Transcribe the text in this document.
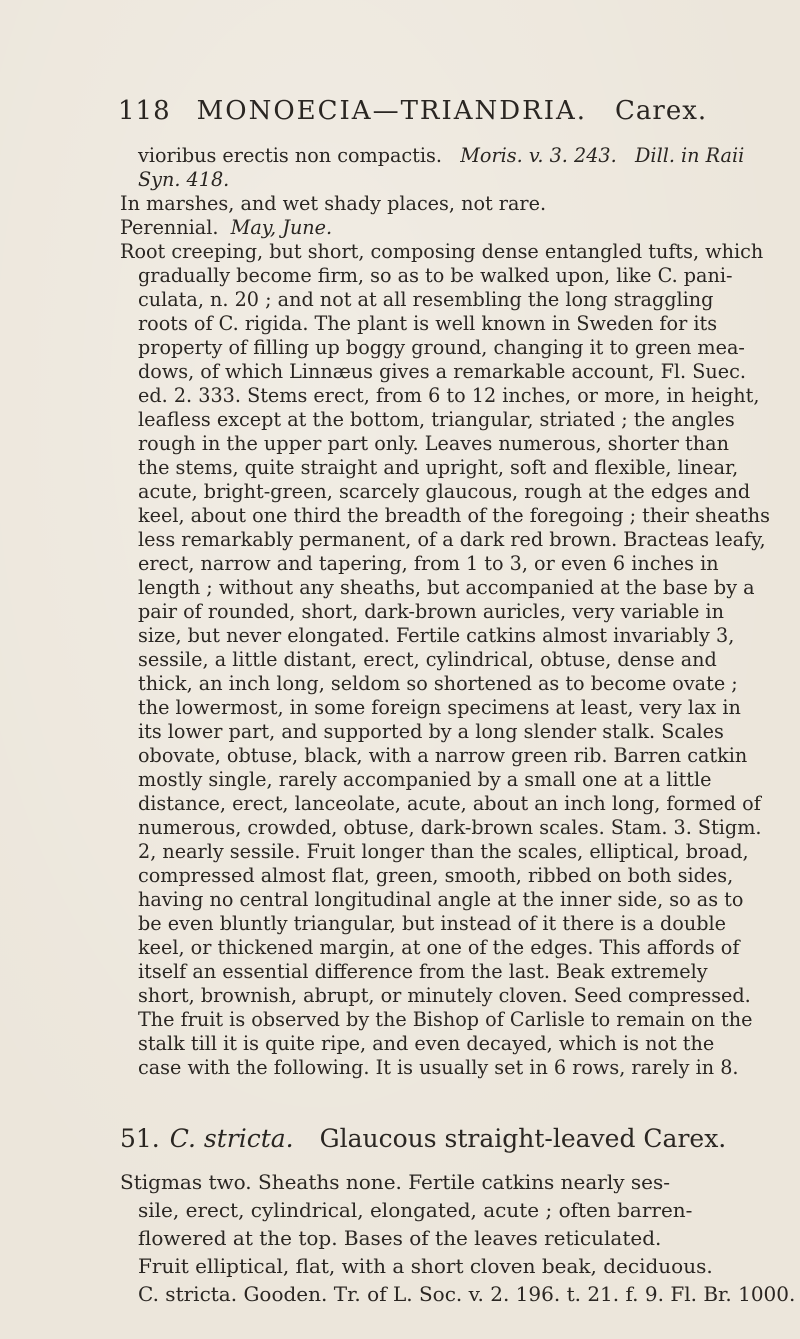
118 MONOECIA—TRIANDRIA. Carex.
vioribus erectis non compactis. Moris. v. 3. 243. Dill. in Raii
Syn. 418.
In marshes, and wet shady places, not rare.
Perennial. May, June.
Root creeping, but short, composing dense entangled tufts, which
gradually become firm, so as to be walked upon, like C. pani-
culata, n. 20 ; and not at all resembling the long straggling
roots of C. rigida. The plant is well known in Sweden for its
property of filling up boggy ground, changing it to green mea-
dows, of which Linnæus gives a remarkable account, Fl. Suec.
ed. 2. 333. Stems erect, from 6 to 12 inches, or more, in height,
leafless except at the bottom, triangular, striated ; the angles
rough in the upper part only. Leaves numerous, shorter than
the stems, quite straight and upright, soft and flexible, linear,
acute, bright-green, scarcely glaucous, rough at the edges and
keel, about one third the breadth of the foregoing ; their sheaths
less remarkably permanent, of a dark red brown. Bracteas leafy,
erect, narrow and tapering, from 1 to 3, or even 6 inches in
length ; without any sheaths, but accompanied at the base by a
pair of rounded, short, dark-brown auricles, very variable in
size, but never elongated. Fertile catkins almost invariably 3,
sessile, a little distant, erect, cylindrical, obtuse, dense and
thick, an inch long, seldom so shortened as to become ovate ;
the lowermost, in some foreign specimens at least, very lax in
its lower part, and supported by a long slender stalk. Scales
obovate, obtuse, black, with a narrow green rib. Barren catkin
mostly single, rarely accompanied by a small one at a little
distance, erect, lanceolate, acute, about an inch long, formed of
numerous, crowded, obtuse, dark-brown scales. Stam. 3. Stigm.
2, nearly sessile. Fruit longer than the scales, elliptical, broad,
compressed almost flat, green, smooth, ribbed on both sides,
having no central longitudinal angle at the inner side, so as to
be even bluntly triangular, but instead of it there is a double
keel, or thickened margin, at one of the edges. This affords of
itself an essential difference from the last. Beak extremely
short, brownish, abrupt, or minutely cloven. Seed compressed.
The fruit is observed by the Bishop of Carlisle to remain on the
stalk till it is quite ripe, and even decayed, which is not the
case with the following. It is usually set in 6 rows, rarely in 8.
51. C. stricta. Glaucous straight-leaved Carex.
Stigmas two. Sheaths none. Fertile catkins nearly ses-
sile, erect, cylindrical, elongated, acute ; often barren-
flowered at the top. Bases of the leaves reticulated.
Fruit elliptical, flat, with a short cloven beak, deciduous.
C. stricta. Gooden. Tr. of L. Soc. v. 2. 196. t. 21. f. 9. Fl. Br. 1000.
